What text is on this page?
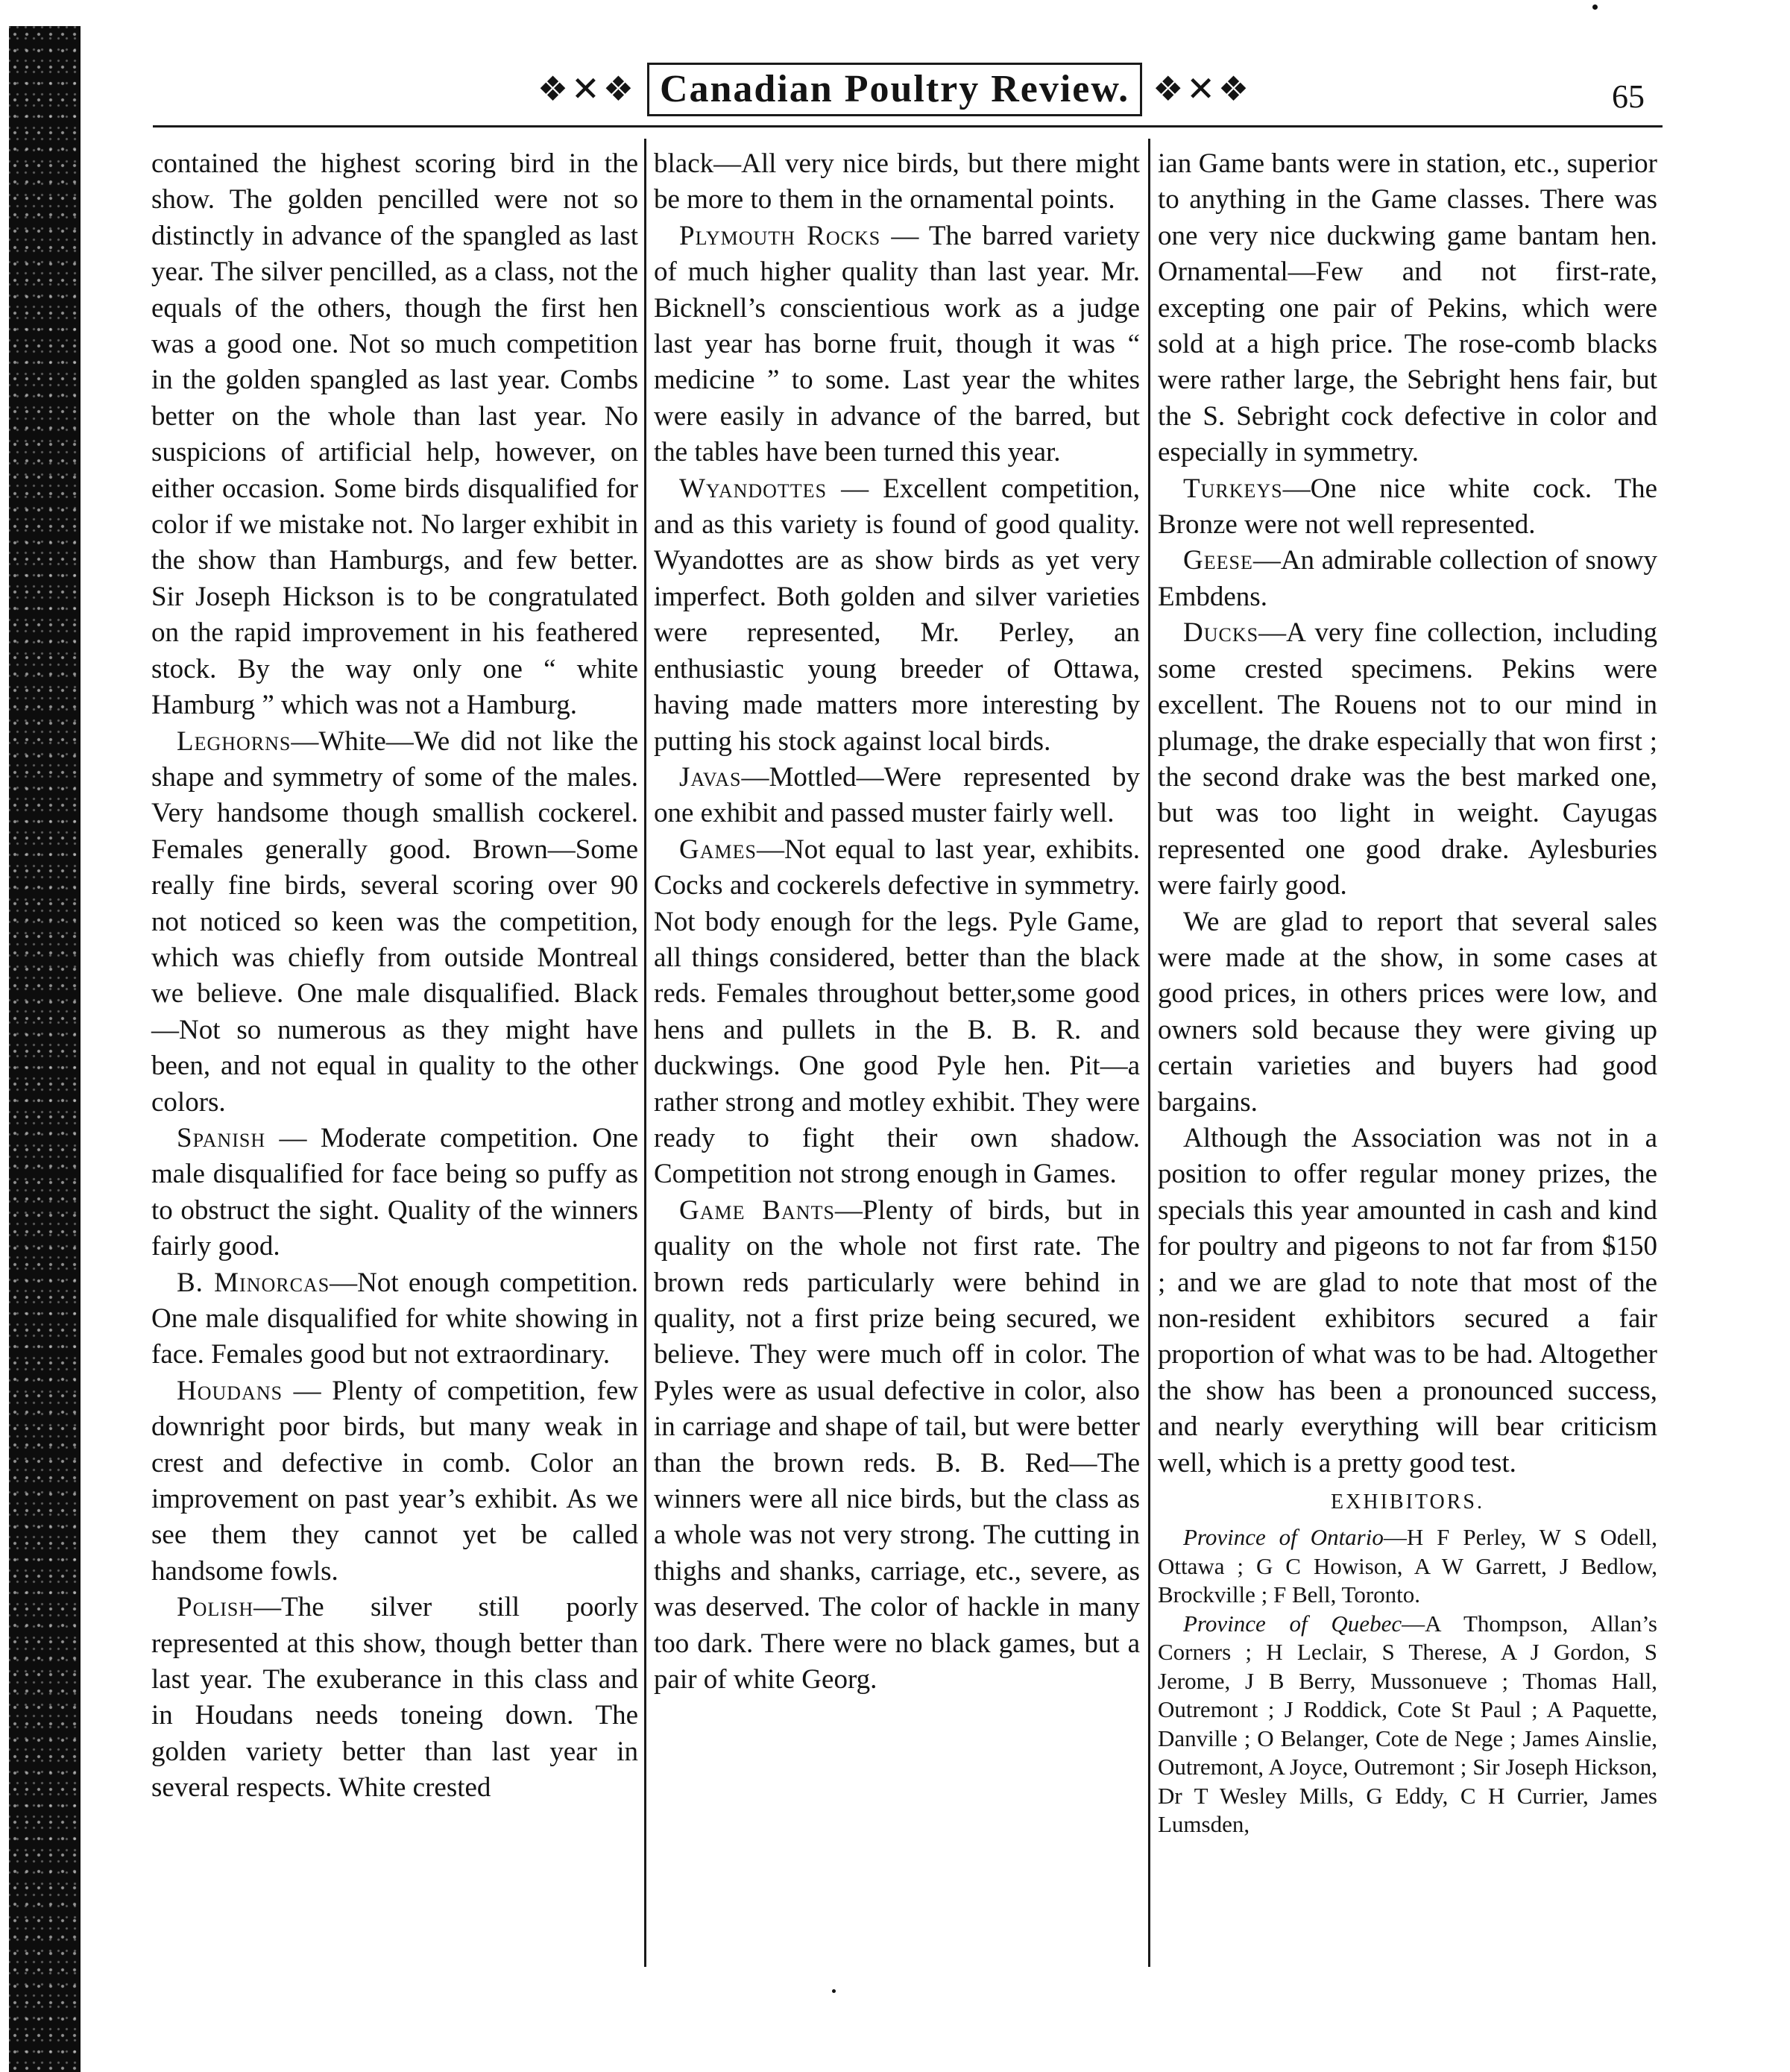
❖✕❖ Canadian Poultry Review. ❖✕❖	65

contained the highest scoring bird in the show. The golden pencilled were not so distinctly in advance of the spangled as last year. The silver pencilled, as a class, not the equals of the others, though the first hen was a good one. Not so much competition in the golden spangled as last year. Combs better on the whole than last year. No suspicions of artificial help, however, on either occasion. Some birds disqualified for color if we mistake not. No larger exhibit in the show than Hamburgs, and few better. Sir Joseph Hickson is to be congratulated on the rapid improvement in his feathered stock. By the way only one “ white Hamburg ” which was not a Hamburg.

Leghorns—White—We did not like the shape and symmetry of some of the males. Very handsome though smallish cockerel. Females generally good. Brown—Some really fine birds, several scoring over 90 not noticed so keen was the competition, which was chiefly from outside Montreal we believe. One male disqualified. Black —Not so numerous as they might have been, and not equal in quality to the other colors.

Spanish — Moderate competition. One male disqualified for face being so puffy as to obstruct the sight. Quality of the winners fairly good.

B. Minorcas—Not enough competition. One male disqualified for white showing in face. Females good but not extraordinary.

Houdans — Plenty of competition, few downright poor birds, but many weak in crest and defective in comb. Color an improvement on past year’s exhibit. As we see them they cannot yet be called handsome fowls.

Polish—The silver still poorly represented at this show, though better than last year. The exuberance in this class and in Houdans needs toneing down. The golden variety better than last year in several respects. White crested

black—All very nice birds, but there might be more to them in the ornamental points.

Plymouth Rocks — The barred variety of much higher quality than last year. Mr. Bicknell’s conscientious work as a judge last year has borne fruit, though it was “ medicine ” to some. Last year the whites were easily in advance of the barred, but the tables have been turned this year.

Wyandottes — Excellent competition, and as this variety is found of good quality. Wyandottes are as show birds as yet very imperfect. Both golden and silver varieties were represented, Mr. Perley, an enthusiastic young breeder of Ottawa, having made matters more interesting by putting his stock against local birds.

Javas—Mottled—Were represented by one exhibit and passed muster fairly well.

Games—Not equal to last year, exhibits. Cocks and cockerels defective in symmetry. Not body enough for the legs. Pyle Game, all things considered, better than the black reds. Females throughout better,some good hens and pullets in the B. B. R. and duckwings. One good Pyle hen. Pit—a rather strong and motley exhibit. They were ready to fight their own shadow. Competition not strong enough in Games.

Game Bants—Plenty of birds, but in quality on the whole not first rate. The brown reds particularly were behind in quality, not a first prize being secured, we believe. They were much off in color. The Pyles were as usual defective in color, also in carriage and shape of tail, but were better than the brown reds. B. B. Red—The winners were all nice birds, but the class as a whole was not very strong. The cutting in thighs and shanks, carriage, etc., severe, as was deserved. The color of hackle in many too dark. There were no black games, but a pair of white Georg.

ian Game bants were in station, etc., superior to anything in the Game classes. There was one very nice duckwing game bantam hen. Ornamental—Few and not first-rate, excepting one pair of Pekins, which were sold at a high price. The rose-comb blacks were rather large, the Sebright hens fair, but the S. Sebright cock defective in color and especially in symmetry.

Turkeys—One nice white cock. The Bronze were not well represented.

Geese—An admirable collection of snowy Embdens.

Ducks—A very fine collection, including some crested specimens. Pekins were excellent. The Rouens not to our mind in plumage, the drake especially that won first ; the second drake was the best marked one, but was too light in weight. Cayugas represented one good drake. Aylesburies were fairly good.

We are glad to report that several sales were made at the show, in some cases at good prices, in others prices were low, and owners sold because they were giving up certain varieties and buyers had good bargains.

Although the Association was not in a position to offer regular money prizes, the specials this year amounted in cash and kind for poultry and pigeons to not far from $150 ; and we are glad to note that most of the non-resident exhibitors secured a fair proportion of what was to be had. Altogether the show has been a pronounced success, and nearly everything will bear criticism well, which is a pretty good test.

EXHIBITORS.

Province of Ontario—H F Perley, W S Odell, Ottawa ; G C Howison, A W Garrett, J Bedlow, Brockville ; F Bell, Toronto.

Province of Quebec—A Thompson, Allan’s Corners ; H Leclair, S Therese, A J Gordon, S Jerome, J B Berry, Mussonueve ; Thomas Hall, Outremont ; J Roddick, Cote St Paul ; A Paquette, Danville ; O Belanger, Cote de Nege ; James Ainslie, Outremont, A Joyce, Outremont ; Sir Joseph Hickson, Dr T Wesley Mills, G Eddy, C H Currier, James Lumsden,
